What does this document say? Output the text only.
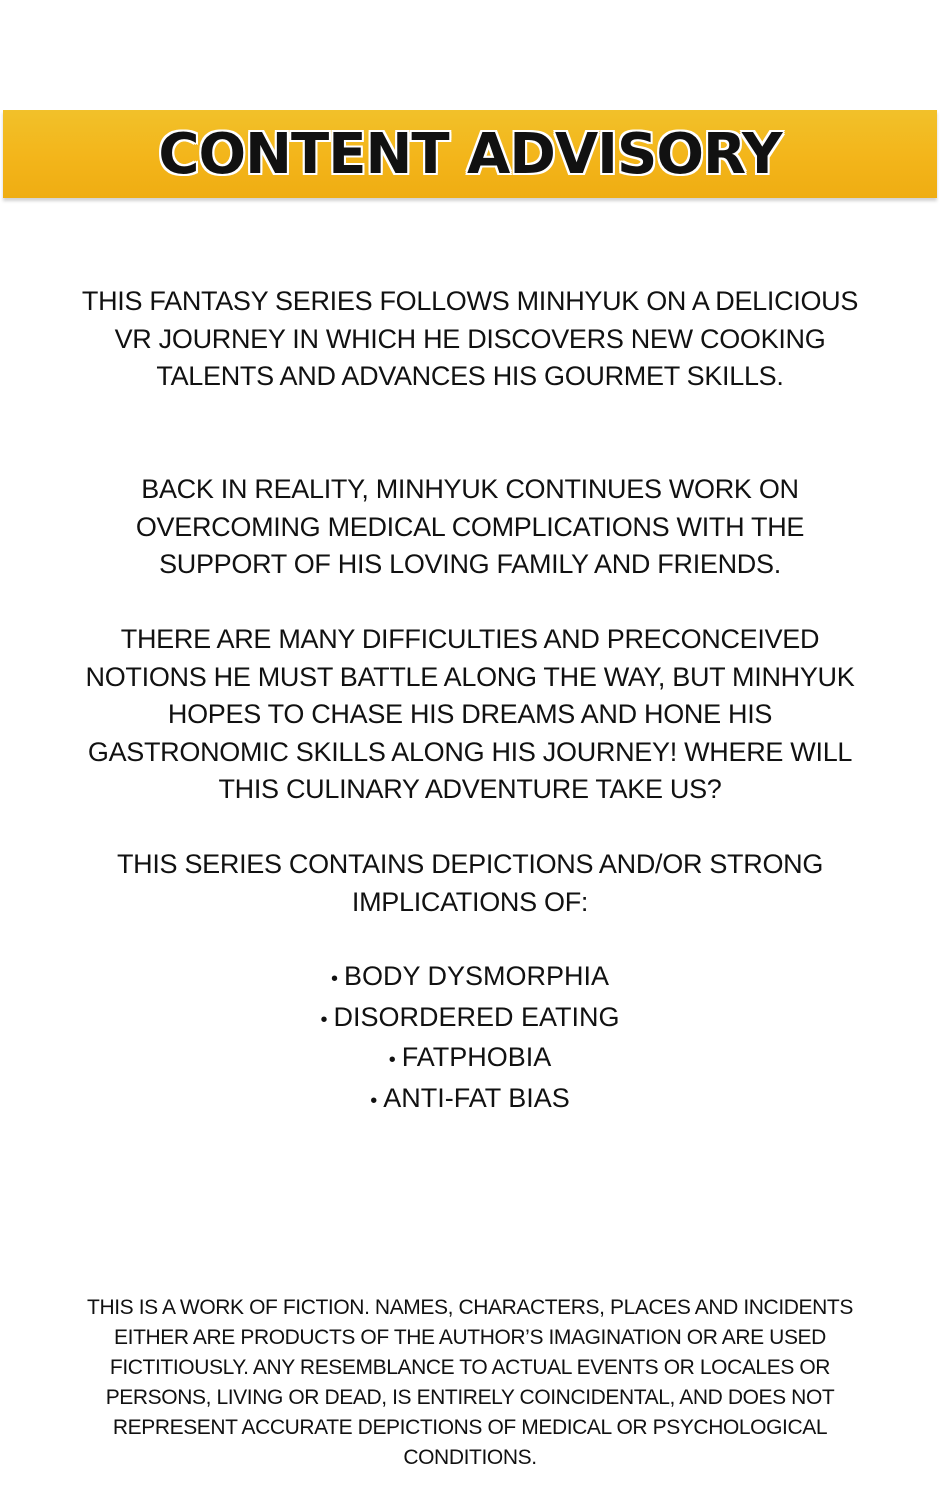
CONTENT ADVISORY
THIS FANTASY SERIES FOLLOWS MINHYUK ON A DELICIOUS VR JOURNEY IN WHICH HE DISCOVERS NEW COOKING TALENTS AND ADVANCES HIS GOURMET SKILLS.
BACK IN REALITY, MINHYUK CONTINUES WORK ON OVERCOMING MEDICAL COMPLICATIONS WITH THE SUPPORT OF HIS LOVING FAMILY AND FRIENDS.
THERE ARE MANY DIFFICULTIES AND PRECONCEIVED NOTIONS HE MUST BATTLE ALONG THE WAY, BUT MINHYUK HOPES TO CHASE HIS DREAMS AND HONE HIS GASTRONOMIC SKILLS ALONG HIS JOURNEY! WHERE WILL THIS CULINARY ADVENTURE TAKE US?
THIS SERIES CONTAINS DEPICTIONS AND/OR STRONG IMPLICATIONS OF:
• BODY DYSMORPHIA
• DISORDERED EATING
• FATPHOBIA
• ANTI-FAT BIAS
THIS IS A WORK OF FICTION. NAMES, CHARACTERS, PLACES AND INCIDENTS EITHER ARE PRODUCTS OF THE AUTHOR’S IMAGINATION OR ARE USED FICTITIOUSLY. ANY RESEMBLANCE TO ACTUAL EVENTS OR LOCALES OR PERSONS, LIVING OR DEAD, IS ENTIRELY COINCIDENTAL, AND DOES NOT REPRESENT ACCURATE DEPICTIONS OF MEDICAL OR PSYCHOLOGICAL CONDITIONS.
